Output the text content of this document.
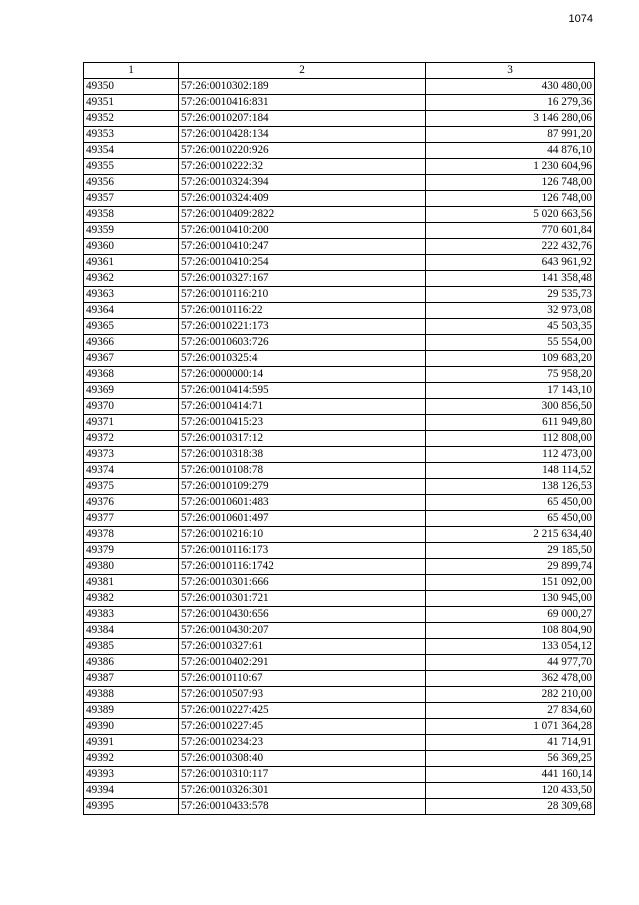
1074
1	2	3
49350	57:26:0010302:189	430 480,00
49351	57:26:0010416:831	16 279,36
49352	57:26:0010207:184	3 146 280,06
49353	57:26:0010428:134	87 991,20
49354	57:26:0010220:926	44 876,10
49355	57:26:0010222:32	1 230 604,96
49356	57:26:0010324:394	126 748,00
49357	57:26:0010324:409	126 748,00
49358	57:26:0010409:2822	5 020 663,56
49359	57:26:0010410:200	770 601,84
49360	57:26:0010410:247	222 432,76
49361	57:26:0010410:254	643 961,92
49362	57:26:0010327:167	141 358,48
49363	57:26:0010116:210	29 535,73
49364	57:26:0010116:22	32 973,08
49365	57:26:0010221:173	45 503,35
49366	57:26:0010603:726	55 554,00
49367	57:26:0010325:4	109 683,20
49368	57:26:0000000:14	75 958,20
49369	57:26:0010414:595	17 143,10
49370	57:26:0010414:71	300 856,50
49371	57:26:0010415:23	611 949,80
49372	57:26:0010317:12	112 808,00
49373	57:26:0010318:38	112 473,00
49374	57:26:0010108:78	148 114,52
49375	57:26:0010109:279	138 126,53
49376	57:26:0010601:483	65 450,00
49377	57:26:0010601:497	65 450,00
49378	57:26:0010216:10	2 215 634,40
49379	57:26:0010116:173	29 185,50
49380	57:26:0010116:1742	29 899,74
49381	57:26:0010301:666	151 092,00
49382	57:26:0010301:721	130 945,00
49383	57:26:0010430:656	69 000,27
49384	57:26:0010430:207	108 804,90
49385	57:26:0010327:61	133 054,12
49386	57:26:0010402:291	44 977,70
49387	57:26:0010110:67	362 478,00
49388	57:26:0010507:93	282 210,00
49389	57:26:0010227:425	27 834,60
49390	57:26:0010227:45	1 071 364,28
49391	57:26:0010234:23	41 714,91
49392	57:26:0010308:40	56 369,25
49393	57:26:0010310:117	441 160,14
49394	57:26:0010326:301	120 433,50
49395	57:26:0010433:578	28 309,68
